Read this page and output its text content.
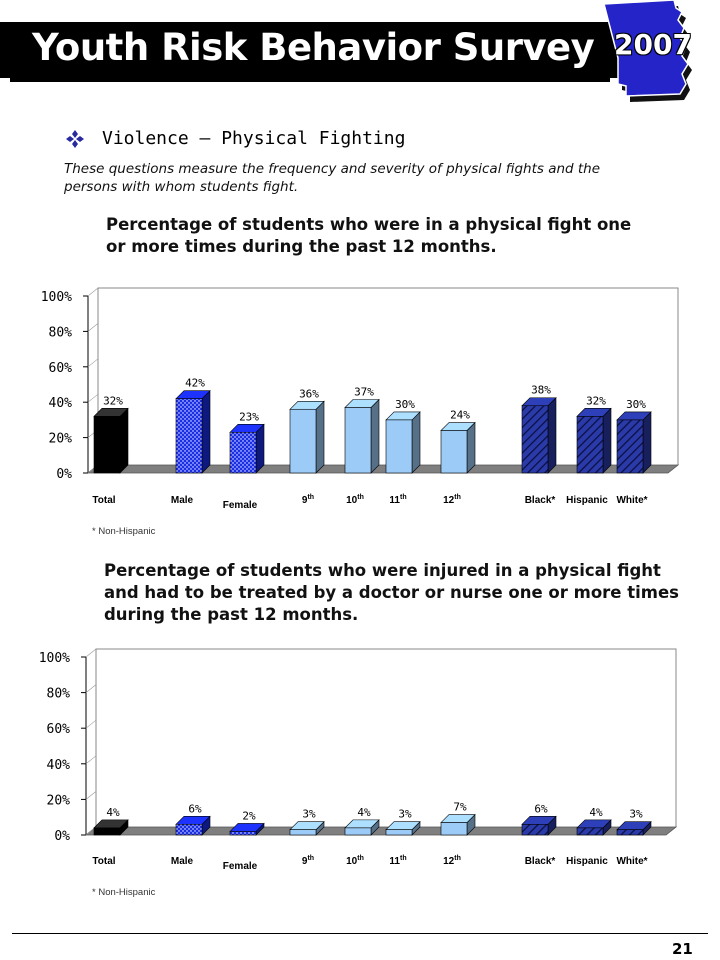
Youth Risk Behavior Survey 2007
Violence – Physical Fighting
These questions measure the frequency and severity of physical fights and the persons with whom students fight.
Percentage of students who were in a physical fight one or more times during the past 12 months.
0%
20%
40%
60%
80%
100%
32%
42%
23%
36%	37%
30%
24%
38%
32% 30%
Total	Male	Female	9th	10th	11th	12th	Black* Hispanic White*
* Non-Hispanic
Percentage of students who were injured in a physical fight and had to be treated by a doctor or nurse one or more times during the past 12 months.
0%
20%
40%
60%
80%
100%
4%	6%
2%	3%	4%	3%
7%	6%	4% 3%
Total	Male	Female	9th	10th	11th	12th	Black* Hispanic White*
* Non-Hispanic
21
